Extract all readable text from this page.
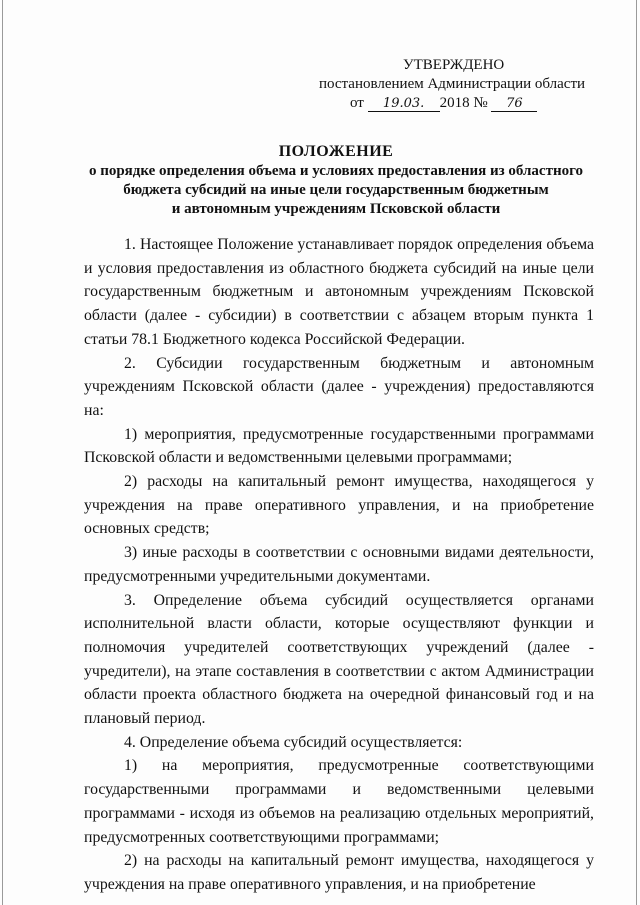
УТВЕРЖДЕНО
постановлением Администрации области
от 19.03. 2018 № 76
ПОЛОЖЕНИЕ
о порядке определения объема и условиях предоставления из областного
бюджета субсидий на иные цели государственным бюджетным
и автономным учреждениям Псковской области

1. Настоящее Положение устанавливает порядок определения объема и условия предоставления из областного бюджета субсидий на иные цели государственным бюджетным и автономным учреждениям Псковской области (далее - субсидии) в соответствии с абзацем вторым пункта 1 статьи 78.1 Бюджетного кодекса Российской Федерации.

2. Субсидии государственным бюджетным и автономным учреждениям Псковской области (далее - учреждения) предоставляются на:

1) мероприятия, предусмотренные государственными программами Псковской области и ведомственными целевыми программами;

2) расходы на капитальный ремонт имущества, находящегося у учреждения на праве оперативного управления, и на приобретение основных средств;

3) иные расходы в соответствии с основными видами деятельности, предусмотренными учредительными документами.

3. Определение объема субсидий осуществляется органами исполнительной власти области, которые осуществляют функции и полномочия учредителей соответствующих учреждений (далее - учредители), на этапе составления в соответствии с актом Администрации области проекта областного бюджета на очередной финансовый год и на плановый период.

4. Определение объема субсидий осуществляется:

1) на мероприятия, предусмотренные соответствующими государственными программами и ведомственными целевыми программами - исходя из объемов на реализацию отдельных мероприятий, предусмотренных соответствующими программами;

2) на расходы на капитальный ремонт имущества, находящегося у учреждения на праве оперативного управления, и на приобретение
